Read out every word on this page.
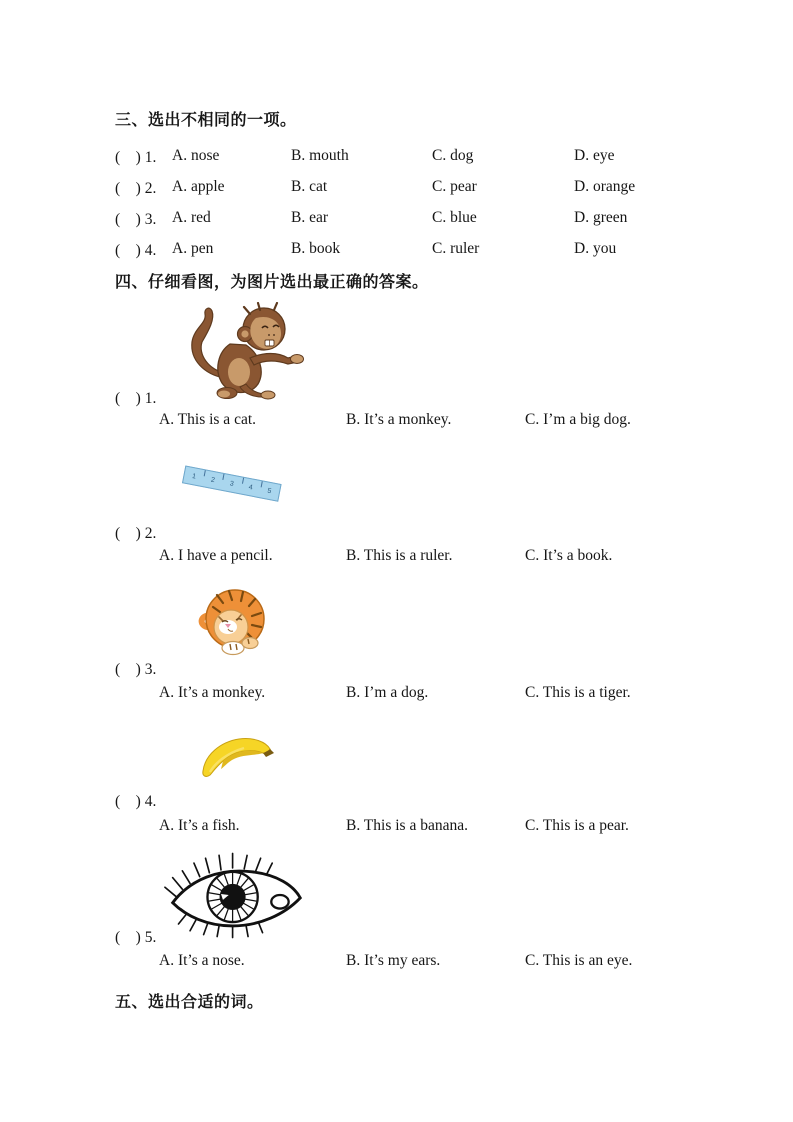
三、选出不相同的一项。
(　) 1.	A. nose	B. mouth	C. dog	D. eye
(　) 2.	A. apple	B. cat	C. pear	D. orange
(　) 3.	A. red	B. ear	C. blue	D. green
(　) 4.	A. pen	B. book	C. ruler	D. you
四、仔细看图，为图片选出最正确的答案。
(　) 1.
A. This is a cat.	B. It’s a monkey.	C. I’m a big dog.
1 2 3 4 5
(　) 2.
A. I have a pencil.	B. This is a ruler.	C. It’s a book.
(　) 3.
A. It’s a monkey.	B. I’m a dog.	C. This is a tiger.
(　) 4.
A. It’s a fish.	B. This is a banana.	C. This is a pear.
(　) 5.
A. It’s a nose.	B. It’s my ears.	C. This is an eye.
五、选出合适的词。
